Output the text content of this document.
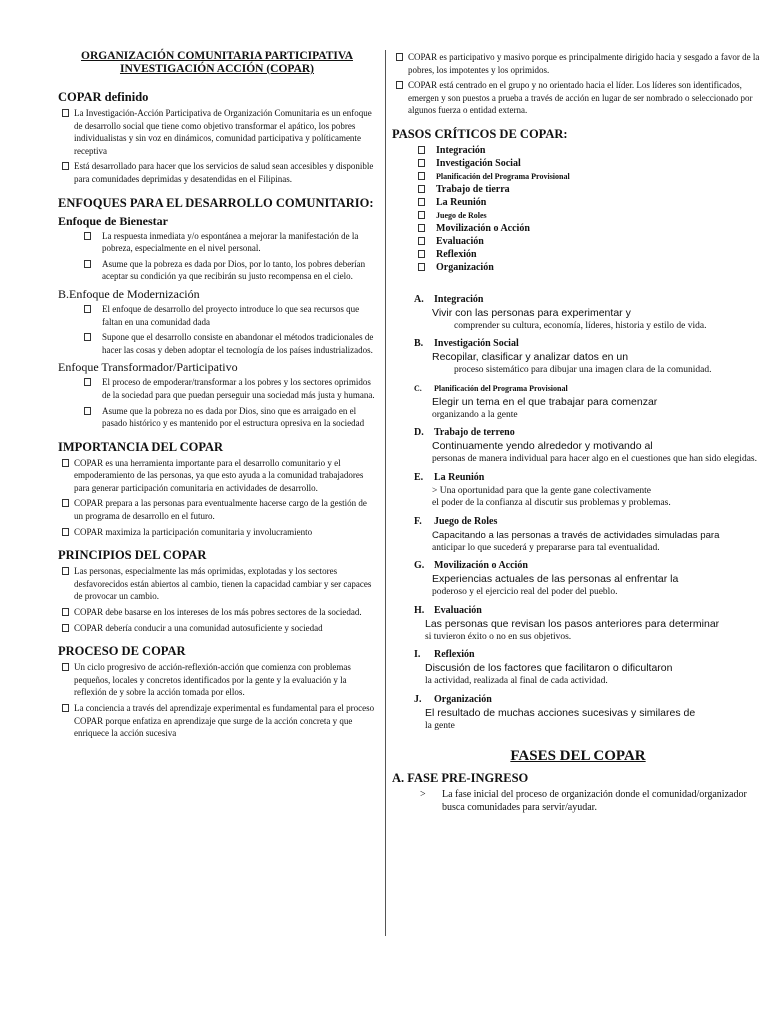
ORGANIZACIÓN COMUNITARIA PARTICIPATIVA

INVESTIGACIÓN ACCIÓN (COPAR)

COPAR definido
La Investigación-Acción Participativa de Organización Comunitaria es un enfoque de desarrollo social que tiene como objetivo transformar el apático, los pobres individualistas y sin voz en dinámicos, comunidad participativa y políticamente receptiva
Está desarrollado para hacer que los servicios de salud sean accesibles y disponible para comunidades deprimidas y desatendidas en el Filipinas.
ENFOQUES PARA EL DESARROLLO COMUNITARIO:
Enfoque de Bienestar
La respuesta inmediata y/o espontánea a mejorar la manifestación de la pobreza, especialmente en el nivel personal.
Asume que la pobreza es dada por Dios, por lo tanto, los pobres deberían aceptar su condición ya que recibirán su justo recompensa en el cielo.
B.Enfoque de Modernización
El enfoque de desarrollo del proyecto introduce lo que sea recursos que faltan en una comunidad dada
Supone que el desarrollo consiste en abandonar el métodos tradicionales de hacer las cosas y deben adoptar el tecnología de los países industrializados.
Enfoque Transformador/Participativo
El proceso de empoderar/transformar a los pobres y los sectores oprimidos de la sociedad para que puedan perseguir una sociedad más justa y humana.
Asume que la pobreza no es dada por Dios, sino que es arraigado en el pasado histórico y es mantenido por el estructura opresiva en la sociedad
IMPORTANCIA DEL COPAR
COPAR es una herramienta importante para el desarrollo comunitario y el empoderamiento de las personas, ya que esto ayuda a la comunidad trabajadores para generar participación comunitaria en actividades de desarrollo.
COPAR prepara a las personas para eventualmente hacerse cargo de la gestión de un programa de desarrollo en el futuro.
COPAR maximiza la participación comunitaria y involucramiento
PRINCIPIOS DEL COPAR
Las personas, especialmente las más oprimidas, explotadas y los sectores desfavorecidos están abiertos al cambio, tienen la capacidad cambiar y ser capaces de provocar un cambio.
COPAR debe basarse en los intereses de los más pobres sectores de la sociedad.
COPAR debería conducir a una comunidad autosuficiente y sociedad
PROCESO DE COPAR
Un ciclo progresivo de acción-reflexión-acción que comienza con problemas pequeños, locales y concretos identificados por la gente y la evaluación y la reflexión de y sobre la acción tomada por ellos.
La conciencia a través del aprendizaje experimental es fundamental para el proceso COPAR porque enfatiza en aprendizaje que surge de la acción concreta y que enriquece la acción sucesiva
COPAR es participativo y masivo porque es principalmente dirigido hacia y sesgado a favor de la pobres, los impotentes y los oprimidos.
COPAR está centrado en el grupo y no orientado hacia el líder. Los líderes son identificados, emergen y son puestos a prueba a través de acción en lugar de ser nombrado o seleccionado por algunos fuerza o entidad externa.
PASOS CRÍTICOS DE COPAR:
Integración
Investigación Social
Planificación del Programa Provisional
Trabajo de tierra
La Reunión
Juego de Roles
Movilización o Acción
Evaluación
Reflexión
Organización
A. Integración
Vivir con las personas para experimentar y
comprender su cultura, economía, líderes, historia y estilo de vida.
B. Investigación Social
Recopilar, clasificar y analizar datos en un
proceso sistemático para dibujar una imagen clara de la comunidad.
C. Planificación del Programa Provisional
Elegir un tema en el que trabajar para comenzar
organizando a la gente
D. Trabajo de terreno
Continuamente yendo alrededor y motivando al
personas de manera individual para hacer algo en el cuestiones que han sido elegidas.
E. La Reunión
> Una oportunidad para que la gente gane colectivamente
el poder de la confianza al discutir sus problemas y problemas.
F. Juego de Roles
Capacitando a las personas a través de actividades simuladas para
anticipar lo que sucederá y prepararse para tal eventualidad.
G. Movilización o Acción
Experiencias actuales de las personas al enfrentar la
poderoso y el ejercicio real del poder del pueblo.
H. Evaluación
Las personas que revisan los pasos anteriores para determinar
si tuvieron éxito o no en sus objetivos.
I. Reflexión
Discusión de los factores que facilitaron o dificultaron
la actividad, realizada al final de cada actividad.
J. Organización
El resultado de muchas acciones sucesivas y similares de
la gente
FASES DEL COPAR
A. FASE PRE-INGRESO
> La fase inicial del proceso de organización donde el comunidad/organizador busca comunidades para servir/ayudar.
